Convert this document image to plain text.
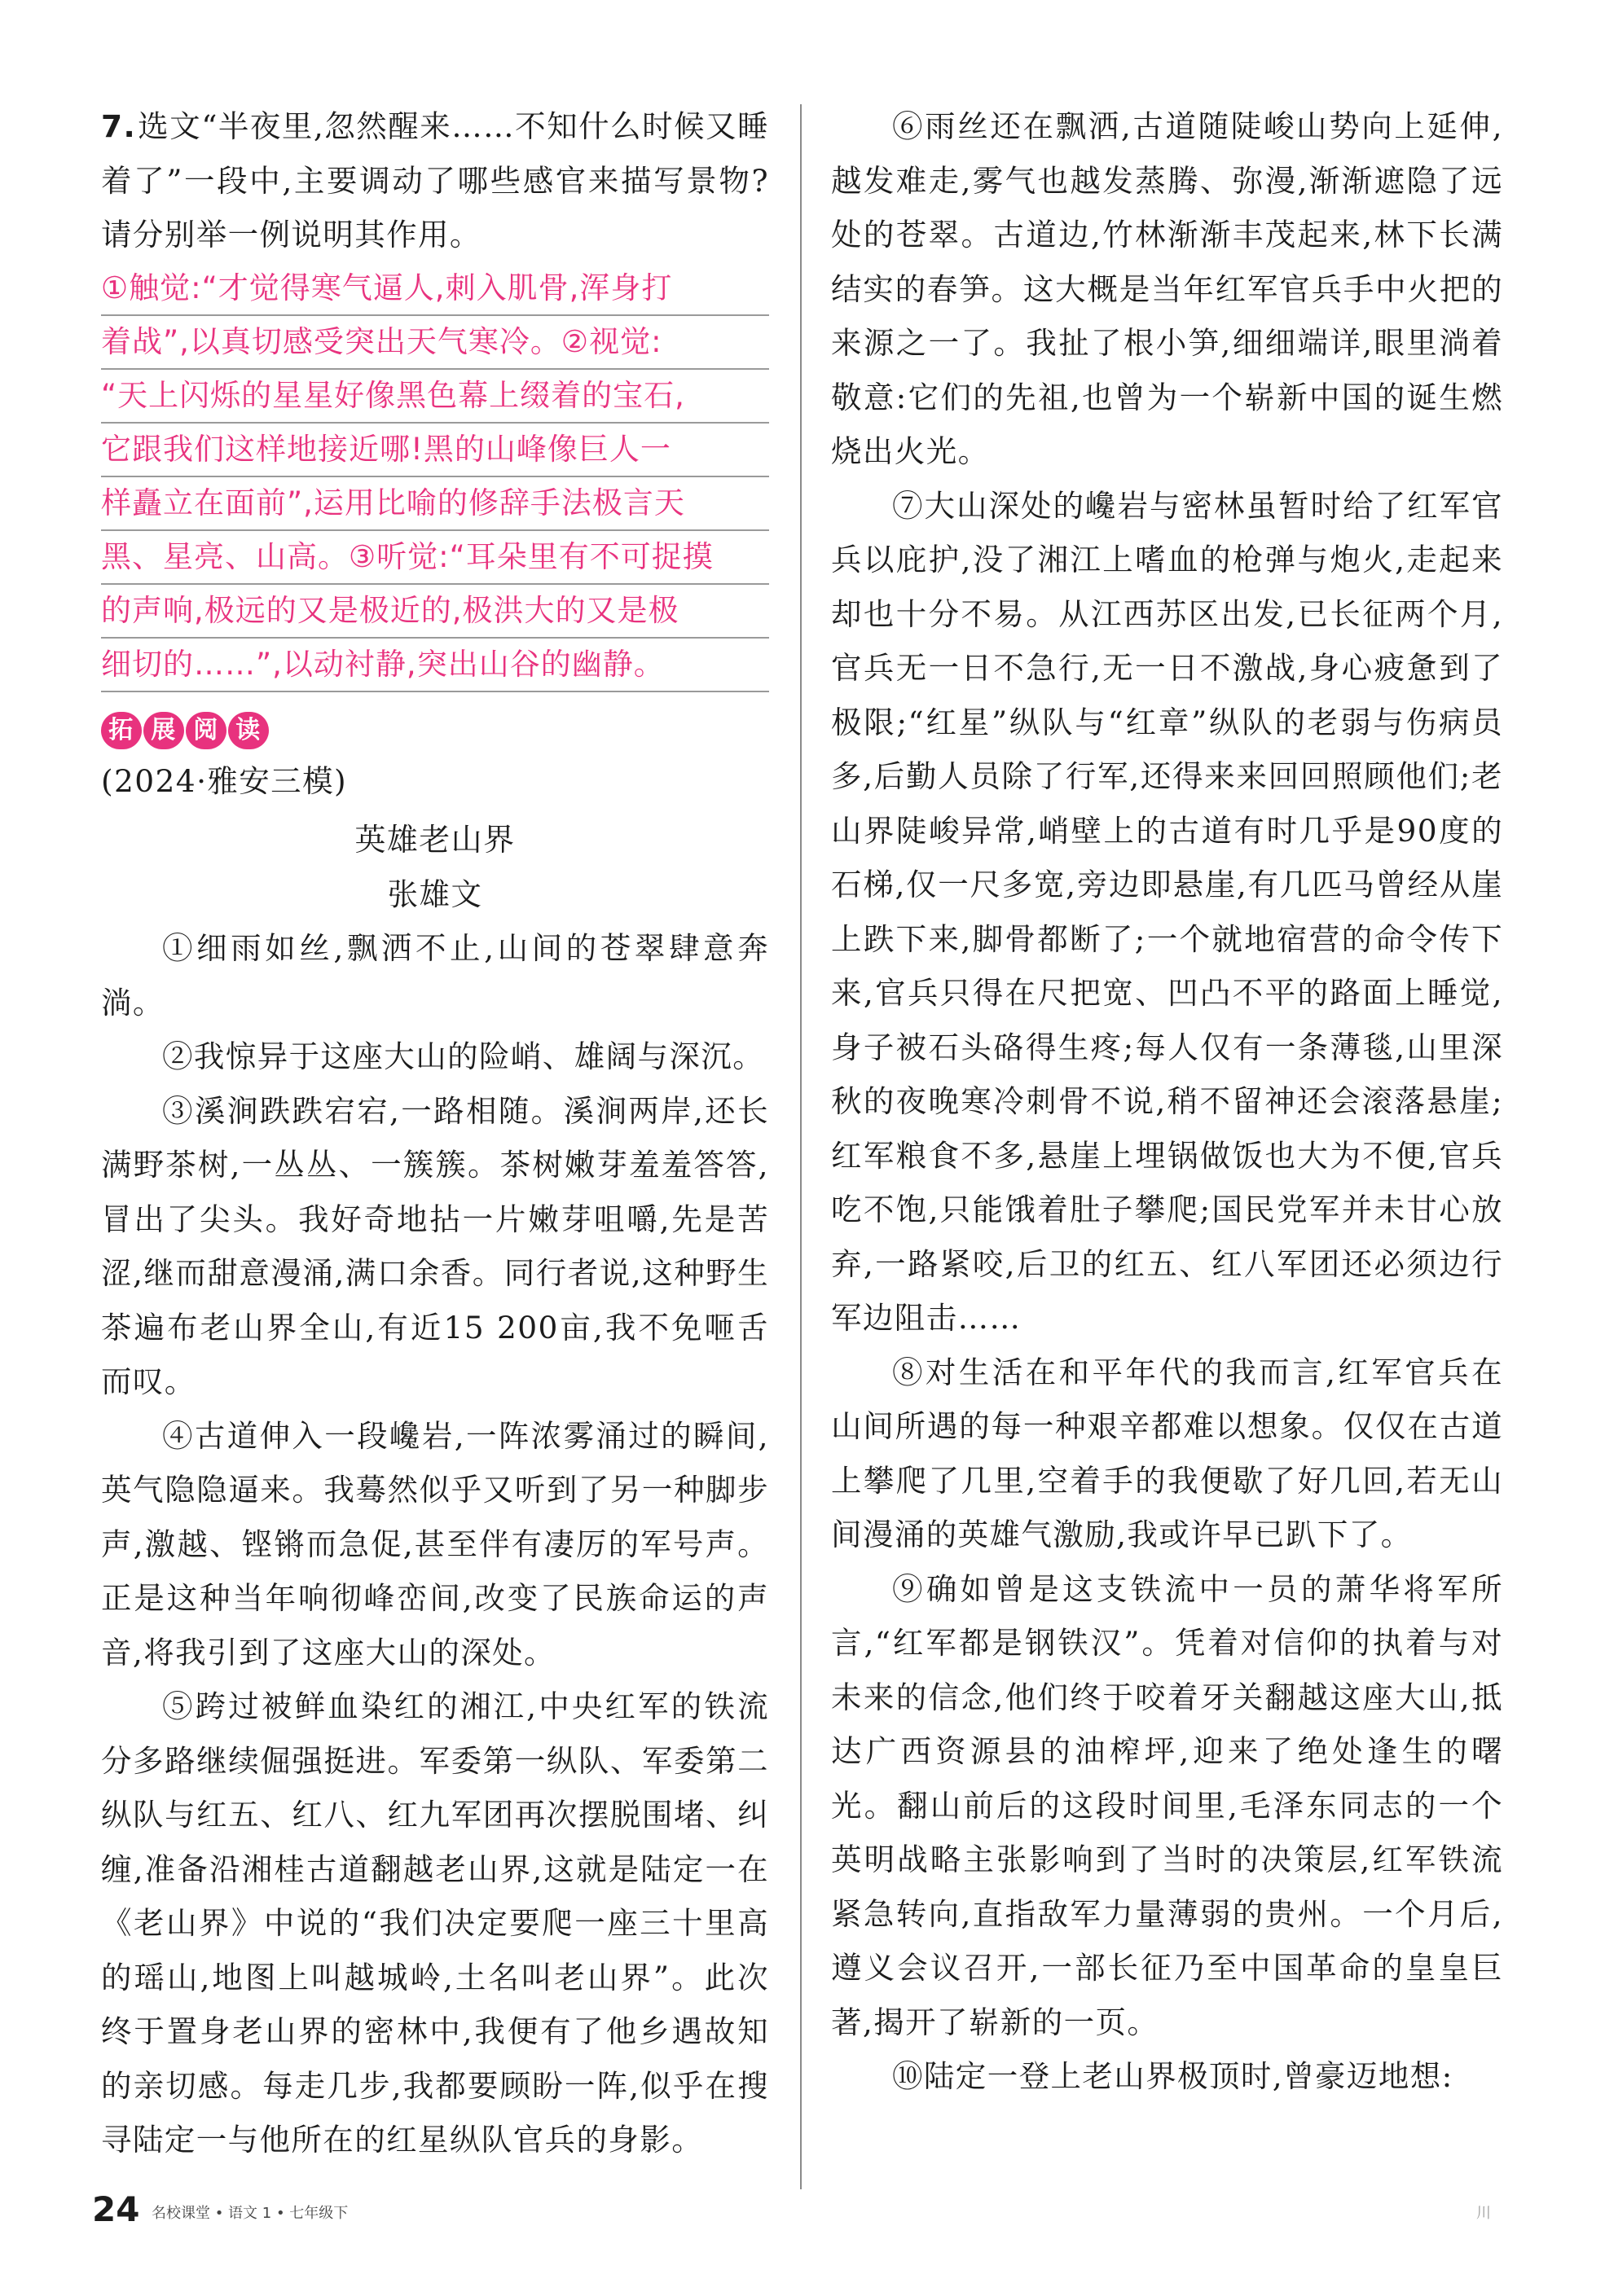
7.选文“半夜里,忽然醒来……不知什么时候又睡着了”一段中,主要调动了哪些感官来描写景物?请分别举一例说明其作用。

①触觉:“才觉得寒气逼人,刺入肌骨,浑身打
着战”,以真切感受突出天气寒冷。②视觉:
“天上闪烁的星星好像黑色幕上缀着的宝石,
它跟我们这样地接近哪!黑的山峰像巨人一
样矗立在面前”,运用比喻的修辞手法极言天
黑、星亮、山高。③听觉:“耳朵里有不可捉摸
的声响,极远的又是极近的,极洪大的又是极
细切的……”,以动衬静,突出山谷的幽静。
拓 展 阅 读

(2024·雅安三模)

英雄老山界

张雄文

①细雨如丝,飘洒不止,山间的苍翠肆意奔淌。

②我惊异于这座大山的险峭、雄阔与深沉。

③溪涧跌跌宕宕,一路相随。溪涧两岸,还长满野茶树,一丛丛、一簇簇。茶树嫩芽羞羞答答,冒出了尖头。我好奇地拈一片嫩芽咀嚼,先是苦涩,继而甜意漫涌,满口余香。同行者说,这种野生茶遍布老山界全山,有近15 200亩,我不免咂舌而叹。

④古道伸入一段巉岩,一阵浓雾涌过的瞬间,英气隐隐逼来。我蓦然似乎又听到了另一种脚步声,激越、铿锵而急促,甚至伴有凄厉的军号声。正是这种当年响彻峰峦间,改变了民族命运的声音,将我引到了这座大山的深处。

⑤跨过被鲜血染红的湘江,中央红军的铁流分多路继续倔强挺进。军委第一纵队、军委第二纵队与红五、红八、红九军团再次摆脱围堵、纠缠,准备沿湘桂古道翻越老山界,这就是陆定一在《老山界》中说的“我们决定要爬一座三十里高的瑶山,地图上叫越城岭,土名叫老山界”。此次终于置身老山界的密林中,我便有了他乡遇故知的亲切感。每走几步,我都要顾盼一阵,似乎在搜寻陆定一与他所在的红星纵队官兵的身影。

⑥雨丝还在飘洒,古道随陡峻山势向上延伸,越发难走,雾气也越发蒸腾、弥漫,渐渐遮隐了远处的苍翠。古道边,竹林渐渐丰茂起来,林下长满结实的春笋。这大概是当年红军官兵手中火把的来源之一了。我扯了根小笋,细细端详,眼里淌着敬意:它们的先祖,也曾为一个崭新中国的诞生燃烧出火光。

⑦大山深处的巉岩与密林虽暂时给了红军官兵以庇护,没了湘江上嗜血的枪弹与炮火,走起来却也十分不易。从江西苏区出发,已长征两个月,官兵无一日不急行,无一日不激战,身心疲惫到了极限;“红星”纵队与“红章”纵队的老弱与伤病员多,后勤人员除了行军,还得来来回回照顾他们;老山界陡峻异常,峭壁上的古道有时几乎是90度的石梯,仅一尺多宽,旁边即悬崖,有几匹马曾经从崖上跌下来,脚骨都断了;一个就地宿营的命令传下来,官兵只得在尺把宽、凹凸不平的路面上睡觉,身子被石头硌得生疼;每人仅有一条薄毯,山里深秋的夜晚寒冷刺骨不说,稍不留神还会滚落悬崖;红军粮食不多,悬崖上埋锅做饭也大为不便,官兵吃不饱,只能饿着肚子攀爬;国民党军并未甘心放弃,一路紧咬,后卫的红五、红八军团还必须边行军边阻击……

⑧对生活在和平年代的我而言,红军官兵在山间所遇的每一种艰辛都难以想象。仅仅在古道上攀爬了几里,空着手的我便歇了好几回,若无山间漫涌的英雄气激励,我或许早已趴下了。

⑨确如曾是这支铁流中一员的萧华将军所言,“红军都是钢铁汉”。凭着对信仰的执着与对未来的信念,他们终于咬着牙关翻越这座大山,抵达广西资源县的油榨坪,迎来了绝处逢生的曙光。翻山前后的这段时间里,毛泽东同志的一个英明战略主张影响到了当时的决策层,红军铁流紧急转向,直指敌军力量薄弱的贵州。一个月后,遵义会议召开,一部长征乃至中国革命的皇皇巨著,揭开了崭新的一页。

⑩陆定一登上老山界极顶时,曾豪迈地想:

24 名校课堂 • 语文 1 • 七年级下	川
